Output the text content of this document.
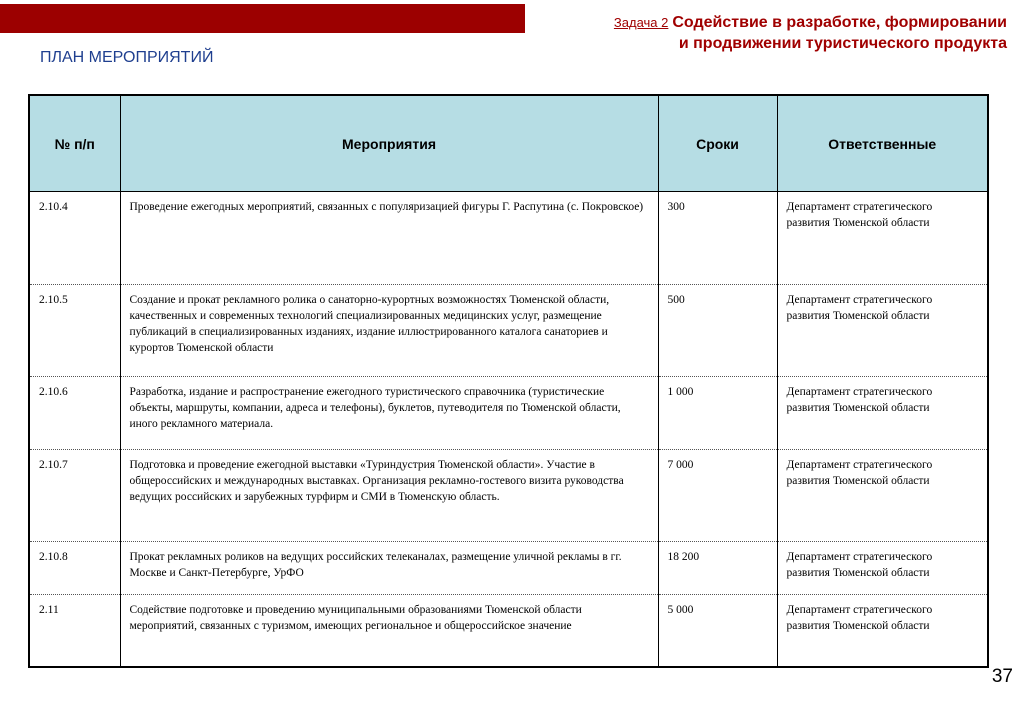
Задача 2 Содействие в разработке, формировании
и продвижении туристического продукта
ПЛАН МЕРОПРИЯТИЙ
№ п/п	Мероприятия	Сроки	Ответственные
2.10.4	Проведение ежегодных мероприятий, связанных с популяризацией фигуры Г. Распутина (с. Покровское)	300	Департамент стратегического развития Тюменской области
2.10.5	Создание и прокат рекламного ролика о санаторно-курортных возможностях Тюменской области, качественных и современных технологий специализированных медицинских услуг, размещение публикаций в специализированных изданиях, издание иллюстрированного каталога санаториев и курортов Тюменской области	500	Департамент стратегического развития Тюменской области
2.10.6	Разработка, издание и распространение ежегодного туристического справочника (туристические объекты, маршруты, компании, адреса и телефоны), буклетов, путеводителя по Тюменской области, иного рекламного материала.	1 000	Департамент стратегического развития Тюменской области
2.10.7	Подготовка и проведение ежегодной выставки «Туриндустрия Тюменской области». Участие в общероссийских и международных выставках. Организация рекламно-гостевого визита руководства ведущих российских и зарубежных турфирм и СМИ в Тюменскую область.	7 000	Департамент стратегического развития Тюменской области
2.10.8	Прокат рекламных роликов на ведущих российских телеканалах, размещение уличной рекламы в гг. Москве и Санкт-Петербурге, УрФО	18 200	Департамент стратегического развития Тюменской области
2.11	Содействие подготовке и проведению муниципальными образованиями Тюменской области мероприятий, связанных с туризмом, имеющих региональное и общероссийское значение	5 000	Департамент стратегического развития Тюменской области
37
